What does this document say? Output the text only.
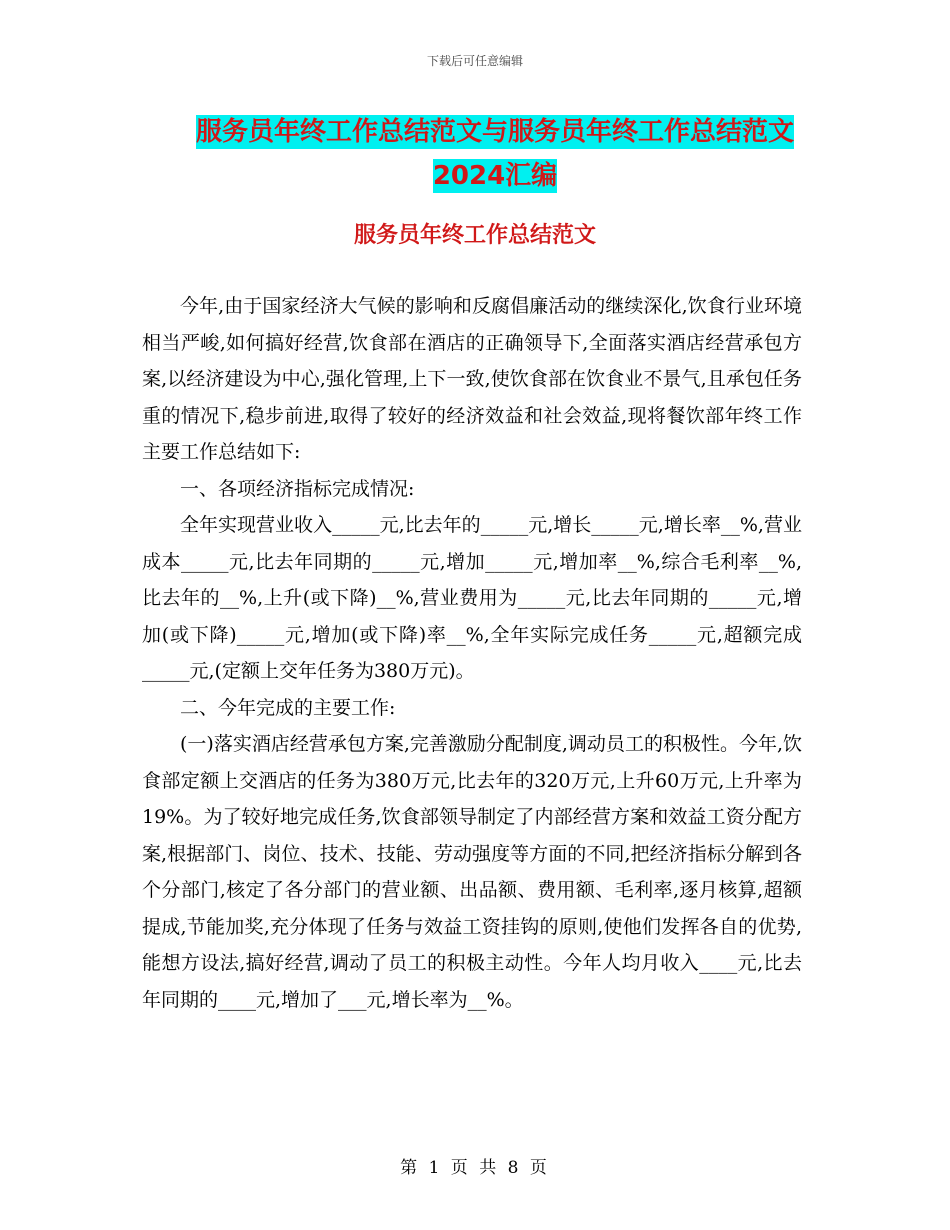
下载后可任意编辑
服务员年终工作总结范文与服务员年终工作总结范文
2024汇编
服务员年终工作总结范文

今年,由于国家经济大气候的影响和反腐倡廉活动的继续深化,饮食行业环境相当严峻,如何搞好经营,饮食部在酒店的正确领导下,全面落实酒店经营承包方案,以经济建设为中心,强化管理,上下一致,使饮食部在饮食业不景气,且承包任务重的情况下,稳步前进,取得了较好的经济效益和社会效益,现将餐饮部年终工作主要工作总结如下:

一、各项经济指标完成情况:

全年实现营业收入_____元,比去年的_____元,增长_____元,增长率__%,营业成本_____元,比去年同期的_____元,增加_____元,增加率__%,综合毛利率__%,比去年的__%,上升(或下降)__%,营业费用为_____元,比去年同期的_____元,增加(或下降)_____元,增加(或下降)率__%,全年实际完成任务_____元,超额完成_____元,(定额上交年任务为380万元)。

二、今年完成的主要工作:

(一)落实酒店经营承包方案,完善激励分配制度,调动员工的积极性。今年,饮食部定额上交酒店的任务为380万元,比去年的320万元,上升60万元,上升率为19%。为了较好地完成任务,饮食部领导制定了内部经营方案和效益工资分配方案,根据部门、岗位、技术、技能、劳动强度等方面的不同,把经济指标分解到各个分部门,核定了各分部门的营业额、出品额、费用额、毛利率,逐月核算,超额提成,节能加奖,充分体现了任务与效益工资挂钩的原则,使他们发挥各自的优势,能想方设法,搞好经营,调动了员工的积极主动性。今年人均月收入____元,比去年同期的____元,增加了___元,增长率为__%。

第 1 页 共 8 页
